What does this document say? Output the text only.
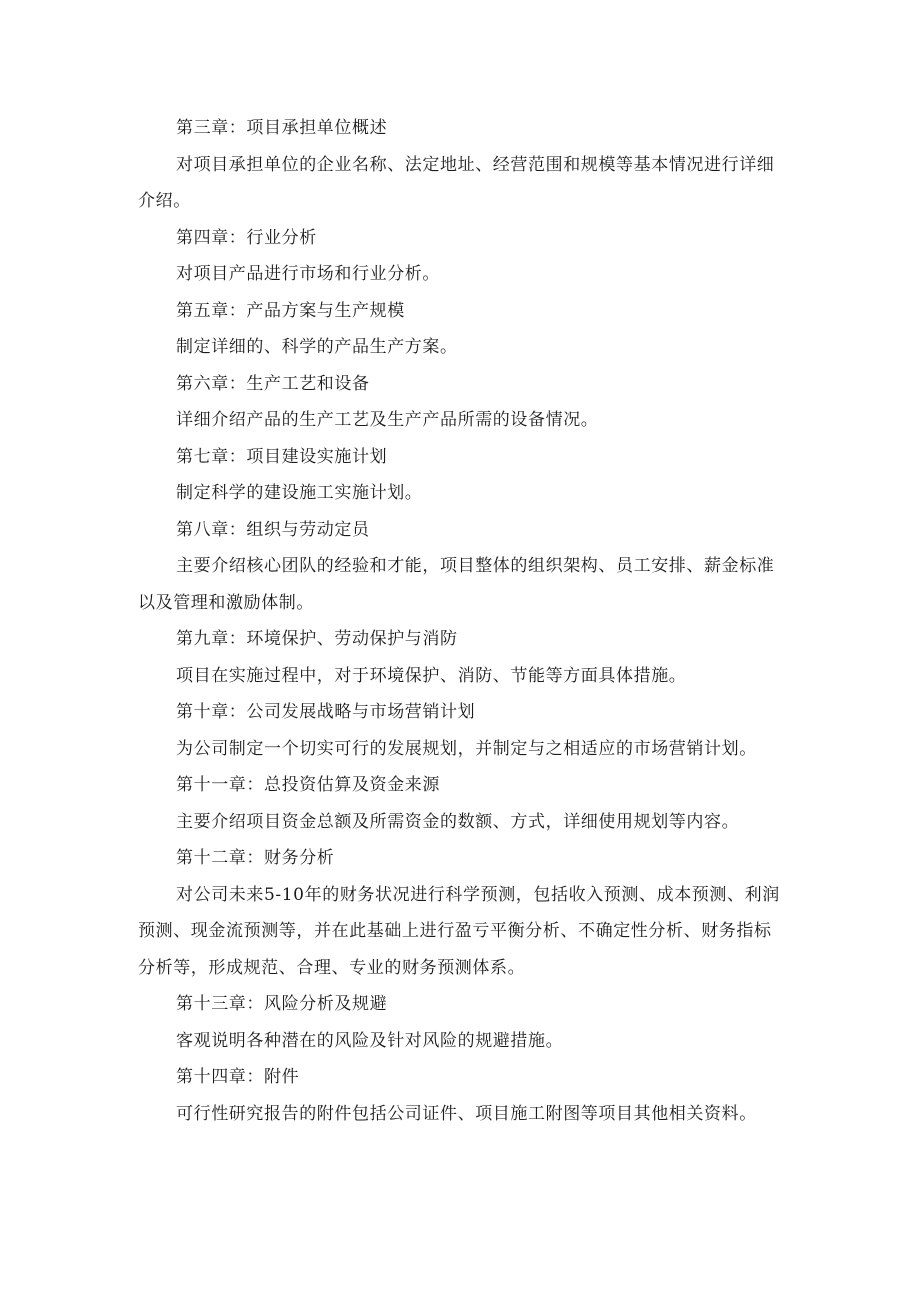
第三章：项目承担单位概述

对项目承担单位的企业名称、法定地址、经营范围和规模等基本情况进行详细介绍。

第四章：行业分析

对项目产品进行市场和行业分析。

第五章：产品方案与生产规模

制定详细的、科学的产品生产方案。

第六章：生产工艺和设备

详细介绍产品的生产工艺及生产产品所需的设备情况。

第七章：项目建设实施计划

制定科学的建设施工实施计划。

第八章：组织与劳动定员

主要介绍核心团队的经验和才能，项目整体的组织架构、员工安排、薪金标准以及管理和激励体制。

第九章：环境保护、劳动保护与消防

项目在实施过程中，对于环境保护、消防、节能等方面具体措施。

第十章：公司发展战略与市场营销计划

为公司制定一个切实可行的发展规划，并制定与之相适应的市场营销计划。

第十一章：总投资估算及资金来源

主要介绍项目资金总额及所需资金的数额、方式，详细使用规划等内容。

第十二章：财务分析

对公司未来5-10年的财务状况进行科学预测，包括收入预测、成本预测、利润预测、现金流预测等，并在此基础上进行盈亏平衡分析、不确定性分析、财务指标分析等，形成规范、合理、专业的财务预测体系。

第十三章：风险分析及规避

客观说明各种潜在的风险及针对风险的规避措施。

第十四章：附件

可行性研究报告的附件包括公司证件、项目施工附图等项目其他相关资料。
